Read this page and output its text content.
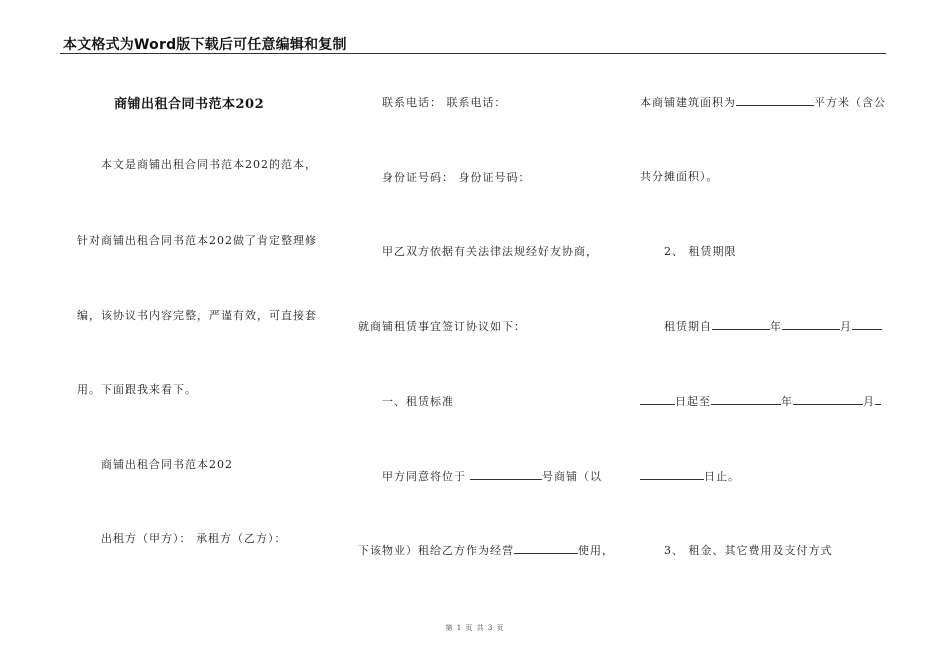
本文格式为Word版下载后可任意编辑和复制
商铺出租合同书范本202
本文是商铺出租合同书范本202的范本，
针对商铺出租合同书范本202做了肯定整理修
编，该协议书内容完整，严谨有效，可直接套
用。下面跟我来看下。
商铺出租合同书范本202
出租方（甲方）： 承租方（乙方）：
联系电话： 联系电话：
身份证号码： 身份证号码：
甲乙双方依据有关法律法规经好友协商，
就商铺租赁事宜签订协议如下：
一、租赁标准
甲方同意将位于	号商铺（以
下该物业）租给乙方作为经营	使用，
本商铺建筑面积为	平方米（含公
共分摊面积）。
2、 租赁期限
租赁期自	年	月
日起至	年	月
日止。
3、 租金、其它费用及支付方式
第 1 页 共 3 页
